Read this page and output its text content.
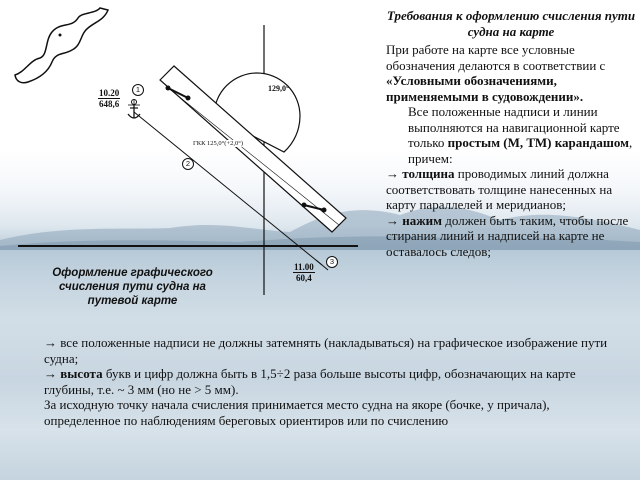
$\frac{10.20}{648,6}$
$\frac{11.00}{60,4}$
129,0°
ГКК 125,0°(+2,0°)
1
2
3
Оформление графического счисления пути судна на путевой карте

Требования к оформлению счисления пути судна на карте

При работе на карте все условные обозначения делаются в соответствии с «Условными обозначениями, применяемыми в судовождении».

Все положенные надписи и линии выполняются на навигационной карте только простым (М, ТМ) карандашом, причем:

→ толщина проводимых линий должна соответствовать толщине нанесенных на карту параллелей и меридианов;

→ нажим должен быть таким, чтобы после стирания линий и надписей на карте не оставалось следов;

→ все положенные надписи не должны затемнять (накладываться) на графическое изображение пути судна;

→ высота букв и цифр должна быть в 1,5÷2 раза больше высоты цифр, обозначающих на карте глубины, т.е. ~ 3 мм (но не > 5 мм).

За исходную точку начала счисления принимается место судна на якоре (бочке, у причала), определенное по наблюдениям береговых ориентиров или по счислению
